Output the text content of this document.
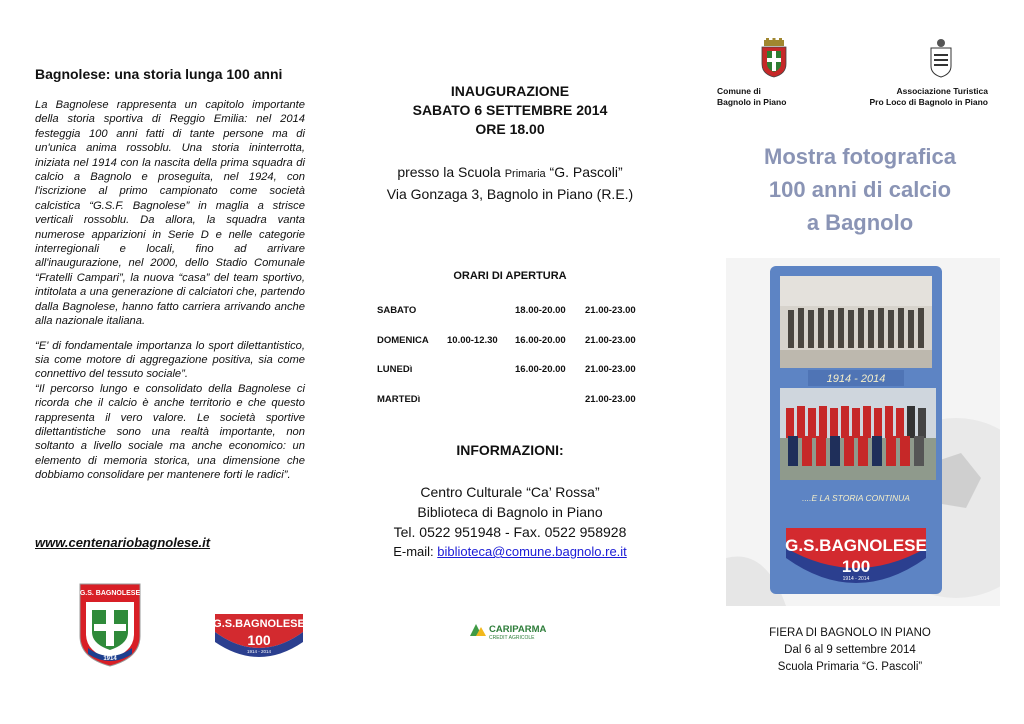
Bagnolese: una storia lunga 100 anni

La Bagnolese rappresenta un capitolo importante della storia sportiva di Reggio Emilia: nel 2014 festeggia 100 anni fatti di tante persone ma di un'unica anima rossoblu. Una storia ininterrotta, iniziata nel 1914 con la nascita della prima squadra di calcio a Bagnolo e proseguita, nel 1924, con l'iscrizione al primo campionato come società calcistica “G.S.F. Bagnolese” in maglia a strisce verticali rossoblu. Da allora, la squadra vanta numerose apparizioni in Serie D e nelle categorie interregionali e locali, fino ad arrivare all'inaugurazione, nel 2000, dello Stadio Comunale “Fratelli Campari”, la nuova “casa” del team sportivo, intitolata a una generazione di calciatori che, partendo dalla Bagnolese, hanno fatto carriera arrivando anche alla nazionale italiana.

“E' di fondamentale importanza lo sport dilettantistico, sia come motore di aggregazione positiva, sia come connettivo del tessuto sociale”.

“Il percorso lungo e consolidato della Bagnolese ci ricorda che il calcio è anche territorio e che questo rappresenta il vero valore. Le società sportive dilettantistiche sono una realtà importante, non soltanto a livello sociale ma anche economico: un elemento di memoria storica, una dimensione che dobbiamo consolidare per mantenere forti le radici”.

www.centenariobagnolese.it
G.S. BAGNOLESE
1914
G.S.BAGNOLESE
100
1914 - 2014
INAUGURAZIONE
SABATO 6 SETTEMBRE 2014
ORE 18.00
presso la Scuola Primaria “G. Pascoli”
Via Gonzaga 3, Bagnolo in Piano (R.E.)
ORARI DI APERTURA
SABATO		18.00-20.00	21.00-23.00
DOMENICA	10.00-12.30	16.00-20.00	21.00-23.00
LUNEDì		16.00-20.00	21.00-23.00
MARTEDì			21.00-23.00
INFORMAZIONI:
Centro Culturale “Ca’ Rossa”
Biblioteca di Bagnolo in Piano
Tel. 0522 951948 - Fax. 0522 958928
E-mail: biblioteca@comune.bagnolo.re.it
CARIPARMA
CREDIT AGRICOLE
Comune di
Bagnolo in Piano
Associazione Turistica
Pro Loco di Bagnolo in Piano
Mostra fotografica
100 anni di calcio
a Bagnolo
1914 - 2014
....E LA STORIA CONTINUA
G.S.BAGNOLESE
100
1914 - 2014
FIERA DI BAGNOLO IN PIANO
Dal 6 al 9 settembre 2014
Scuola Primaria “G. Pascoli”
